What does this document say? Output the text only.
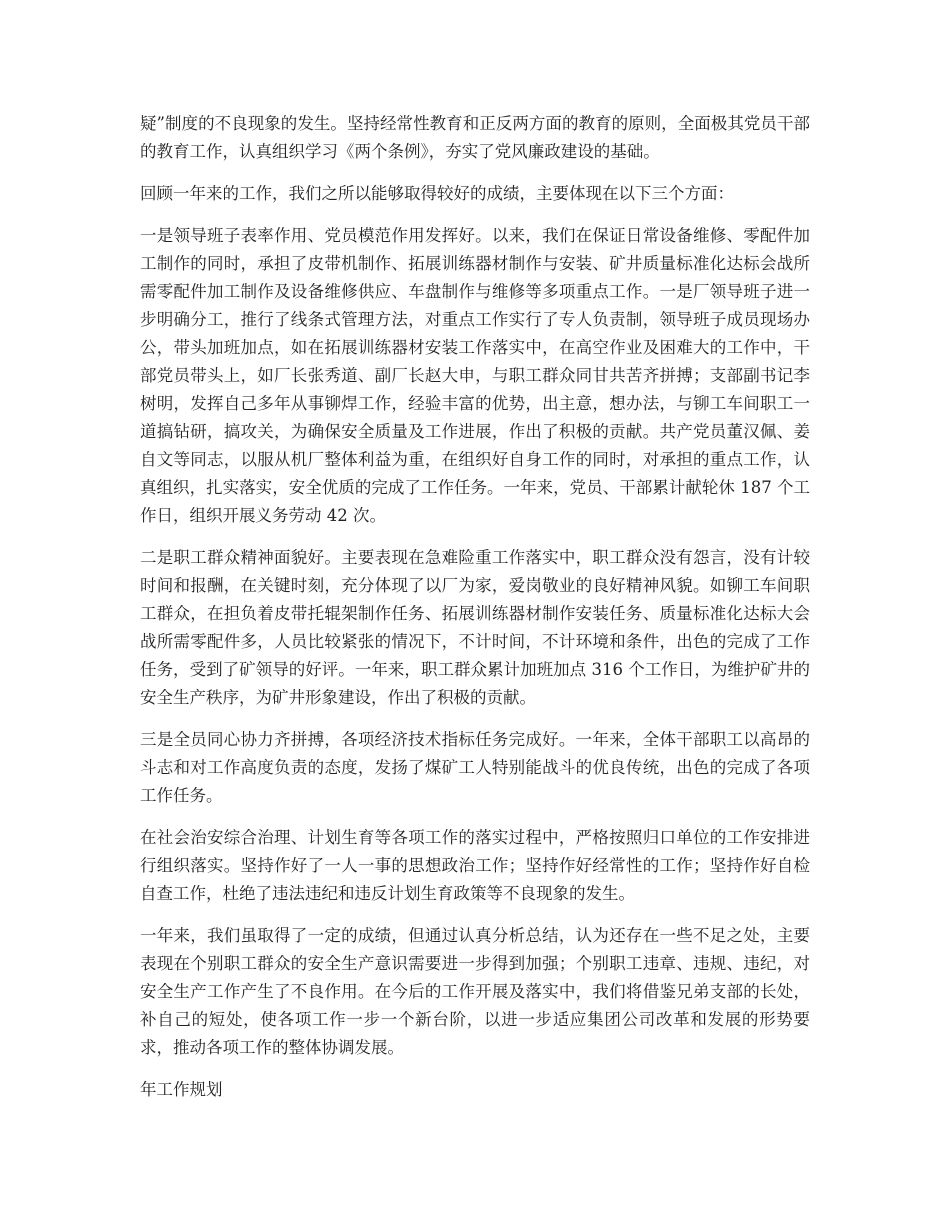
疑”制度的不良现象的发生。坚持经常性教育和正反两方面的教育的原则，全面极其党员干部的教育工作，认真组织学习《两个条例》，夯实了党风廉政建设的基础。

回顾一年来的工作，我们之所以能够取得较好的成绩，主要体现在以下三个方面：

一是领导班子表率作用、党员模范作用发挥好。以来，我们在保证日常设备维修、零配件加工制作的同时，承担了皮带机制作、拓展训练器材制作与安装、矿井质量标准化达标会战所需零配件加工制作及设备维修供应、车盘制作与维修等多项重点工作。一是厂领导班子进一步明确分工，推行了线条式管理方法，对重点工作实行了专人负责制，领导班子成员现场办公，带头加班加点，如在拓展训练器材安装工作落实中，在高空作业及困难大的工作中，干部党员带头上，如厂长张秀道、副厂长赵大申，与职工群众同甘共苦齐拼搏；支部副书记李树明，发挥自己多年从事铆焊工作，经验丰富的优势，出主意，想办法，与铆工车间职工一道搞钻研，搞攻关，为确保安全质量及工作进展，作出了积极的贡献。共产党员董汉佩、姜自文等同志，以服从机厂整体利益为重，在组织好自身工作的同时，对承担的重点工作，认真组织，扎实落实，安全优质的完成了工作任务。一年来，党员、干部累计献轮休 187 个工作日，组织开展义务劳动 42 次。

二是职工群众精神面貌好。主要表现在急难险重工作落实中，职工群众没有怨言，没有计较时间和报酬，在关键时刻，充分体现了以厂为家，爱岗敬业的良好精神风貌。如铆工车间职工群众，在担负着皮带托辊架制作任务、拓展训练器材制作安装任务、质量标准化达标大会战所需零配件多，人员比较紧张的情况下，不计时间，不计环境和条件，出色的完成了工作任务，受到了矿领导的好评。一年来，职工群众累计加班加点 316 个工作日，为维护矿井的安全生产秩序，为矿井形象建设，作出了积极的贡献。

三是全员同心协力齐拼搏，各项经济技术指标任务完成好。一年来，全体干部职工以高昂的斗志和对工作高度负责的态度，发扬了煤矿工人特别能战斗的优良传统，出色的完成了各项工作任务。

在社会治安综合治理、计划生育等各项工作的落实过程中，严格按照归口单位的工作安排进行组织落实。坚持作好了一人一事的思想政治工作；坚持作好经常性的工作；坚持作好自检自查工作，杜绝了违法违纪和违反计划生育政策等不良现象的发生。

一年来，我们虽取得了一定的成绩，但通过认真分析总结，认为还存在一些不足之处，主要表现在个别职工群众的安全生产意识需要进一步得到加强；个别职工违章、违规、违纪，对安全生产工作产生了不良作用。在今后的工作开展及落实中，我们将借鉴兄弟支部的长处，补自己的短处，使各项工作一步一个新台阶，以进一步适应集团公司改革和发展的形势要求，推动各项工作的整体协调发展。

年工作规划
